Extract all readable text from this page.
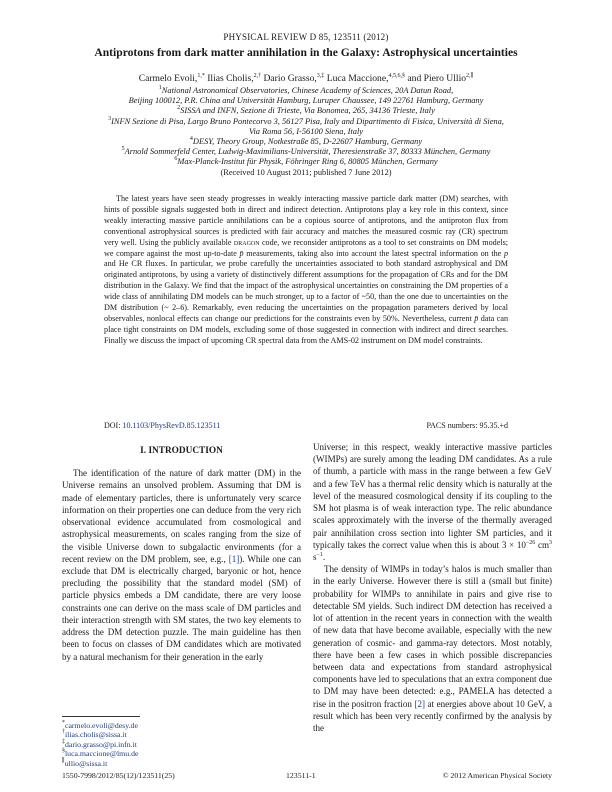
PHYSICAL REVIEW D 85, 123511 (2012)
Antiprotons from dark matter annihilation in the Galaxy: Astrophysical uncertainties
Carmelo Evoli,$^{1,*}$ Ilias Cholis,$^{2,\dagger}$ Dario Grasso,$^{3,\ddagger}$ Luca Maccione,$^{4,5,6,\S}$ and Piero Ullio$^{2,\parallel}$
$^1$National Astronomical Observatories, Chinese Academy of Sciences, 20A Datun Road,
Beijing 100012, P.R. China and Universität Hamburg, Luruper Chaussee, 149 22761 Hamburg, Germany
$^2$SISSA and INFN, Sezione di Trieste, Via Bonomea, 265, 34136 Trieste, Italy
$^3$INFN Sezione di Pisa, Largo Bruno Pontecorvo 3, 56127 Pisa, Italy and Dipartimento di Fisica, Università di Siena,
Via Roma 56, I-56100 Siena, Italy
$^4$DESY, Theory Group, Notkestraße 85, D-22607 Hamburg, Germany
$^5$Arnold Sommerfeld Center, Ludwig-Maximilians-Universität, Theresienstraße 37, 80333 München, Germany
$^6$Max-Planck-Institut für Physik, Föhringer Ring 6, 80805 München, Germany
(Received 10 August 2011; published 7 June 2012)

The latest years have seen steady progresses in weakly interacting massive particle dark matter (DM) searches, with hints of possible signals suggested both in direct and indirect detection. Antiprotons play a key role in this context, since weakly interacting massive particle annihilations can be a copious source of antiprotons, and the antiproton flux from conventional astrophysical sources is predicted with fair accuracy and matches the measured cosmic ray (CR) spectrum very well. Using the publicly available dragon code, we reconsider antiprotons as a tool to set constraints on DM models; we compare against the most up-to-date p̄ measurements, taking also into account the latest spectral information on the p and He CR fluxes. In particular, we probe carefully the uncertainties associated to both standard astrophysical and DM originated antiprotons, by using a variety of distinctively different assumptions for the propagation of CRs and for the DM distribution in the Galaxy. We find that the impact of the astrophysical uncertainties on constraining the DM properties of a wide class of annihilating DM models can be much stronger, up to a factor of ~50, than the one due to uncertainties on the DM distribution (~ 2–6). Remarkably, even reducing the uncertainties on the propagation parameters derived by local observables, nonlocal effects can change our predictions for the constraints even by 50%. Nevertheless, current p̄ data can place tight constraints on DM models, excluding some of those suggested in connection with indirect and direct searches. Finally we discuss the impact of upcoming CR spectral data from the AMS-02 instrument on DM model constraints.

DOI: 10.1103/PhysRevD.85.123511	PACS numbers: 95.35.+d
I. INTRODUCTION

The identification of the nature of dark matter (DM) in the Universe remains an unsolved problem. Assuming that DM is made of elementary particles, there is unfortunately very scarce information on their properties one can deduce from the very rich observational evidence accumulated from cosmological and astrophysical measurements, on scales ranging from the size of the visible Universe down to subgalactic environments (for a recent review on the DM problem, see, e.g., [1]). While one can exclude that DM is electrically charged, baryonic or hot, hence precluding the possibility that the standard model (SM) of particle physics embeds a DM candidate, there are very loose constraints one can derive on the mass scale of DM particles and their interaction strength with SM states, the two key elements to address the DM detection puzzle. The main guideline has then been to focus on classes of DM candidates which are motivated by a natural mechanism for their generation in the early

Universe; in this respect, weakly interactive massive particles (WIMPs) are surely among the leading DM candidates. As a rule of thumb, a particle with mass in the range between a few GeV and a few TeV has a thermal relic density which is naturally at the level of the measured cosmological density if its coupling to the SM hot plasma is of weak interaction type. The relic abundance scales approximately with the inverse of the thermally averaged pair annihilation cross section into lighter SM particles, and it typically takes the correct value when this is about $3 \times 10^{-26}$ $cm^3$ $s^{-1}$.

The density of WIMPs in today’s halos is much smaller than in the early Universe. However there is still a (small but finite) probability for WIMPs to annihilate in pairs and give rise to detectable SM yields. Such indirect DM detection has received a lot of attention in the recent years in connection with the wealth of new data that have become available, especially with the new generation of cosmic- and gamma-ray detectors. Most notably, there have been a few cases in which possible discrepancies between data and expectations from standard astrophysical components have led to speculations that an extra component due to DM may have been detected: e.g., PAMELA has detected a rise in the positron fraction [2] at energies above about 10 GeV, a result which has been very recently confirmed by the analysis by the

*carmelo.evoli@desy.de
†ilias.cholis@sissa.it
‡dario.grasso@pi.infn.it
§luca.maccione@lmu.de
∥ullio@sissa.it
1550-7998/2012/85(12)/123511(25)	123511-1	© 2012 American Physical Society
